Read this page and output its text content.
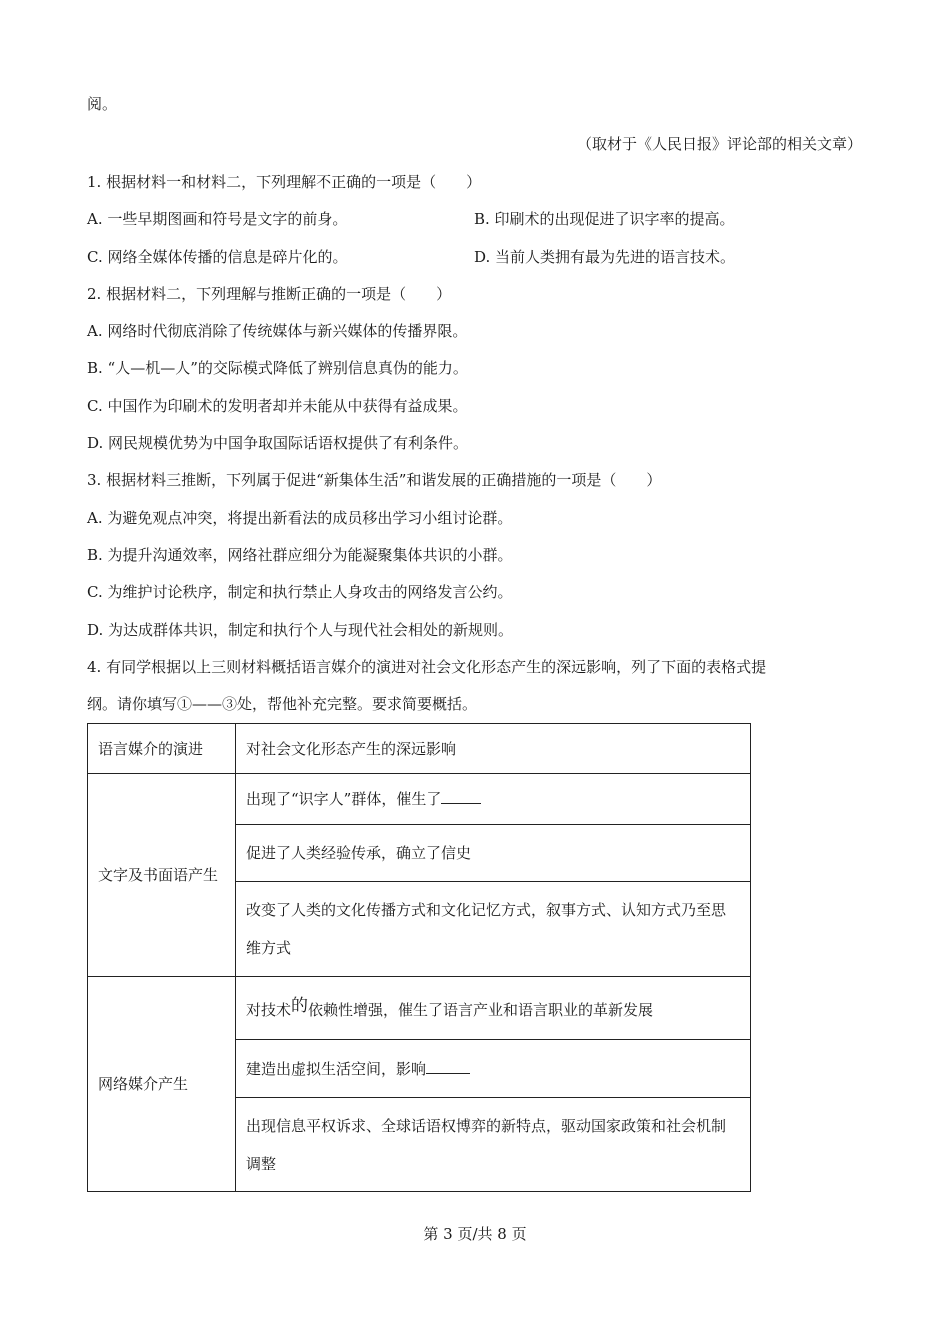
阅。
（取材于《人民日报》评论部的相关文章）
1. 根据材料一和材料二，下列理解不正确的一项是（　　）
A. 一些早期图画和符号是文字的前身。	B. 印刷术的出现促进了识字率的提高。
C. 网络全媒体传播的信息是碎片化的。	D. 当前人类拥有最为先进的语言技术。
2. 根据材料二，下列理解与推断正确的一项是（　　）
A. 网络时代彻底消除了传统媒体与新兴媒体的传播界限。
B. “人—机—人”的交际模式降低了辨别信息真伪的能力。
C. 中国作为印刷术的发明者却并未能从中获得有益成果。
D. 网民规模优势为中国争取国际话语权提供了有利条件。
3. 根据材料三推断，下列属于促进“新集体生活”和谐发展的正确措施的一项是（　　）
A. 为避免观点冲突，将提出新看法的成员移出学习小组讨论群。
B. 为提升沟通效率，网络社群应细分为能凝聚集体共识的小群。
C. 为维护讨论秩序，制定和执行禁止人身攻击的网络发言公约。
D. 为达成群体共识，制定和执行个人与现代社会相处的新规则。
4. 有同学根据以上三则材料概括语言媒介的演进对社会文化形态产生的深远影响，列了下面的表格式提
纲。请你填写①——③处，帮他补充完整。要求简要概括。
语言媒介的演进	对社会文化形态产生的深远影响
文字及书面语产生	出现了“识字人”群体，催生了
	促进了人类经验传承，确立了信史
	改变了人类的文化传播方式和文化记忆方式，叙事方式、认知方式乃至思维方式
网络媒介产生	对技术的依赖性增强，催生了语言产业和语言职业的革新发展
	建造出虚拟生活空间，影响
	出现信息平权诉求、全球话语权博弈的新特点，驱动国家政策和社会机制调整
第 3 页/共 8 页
